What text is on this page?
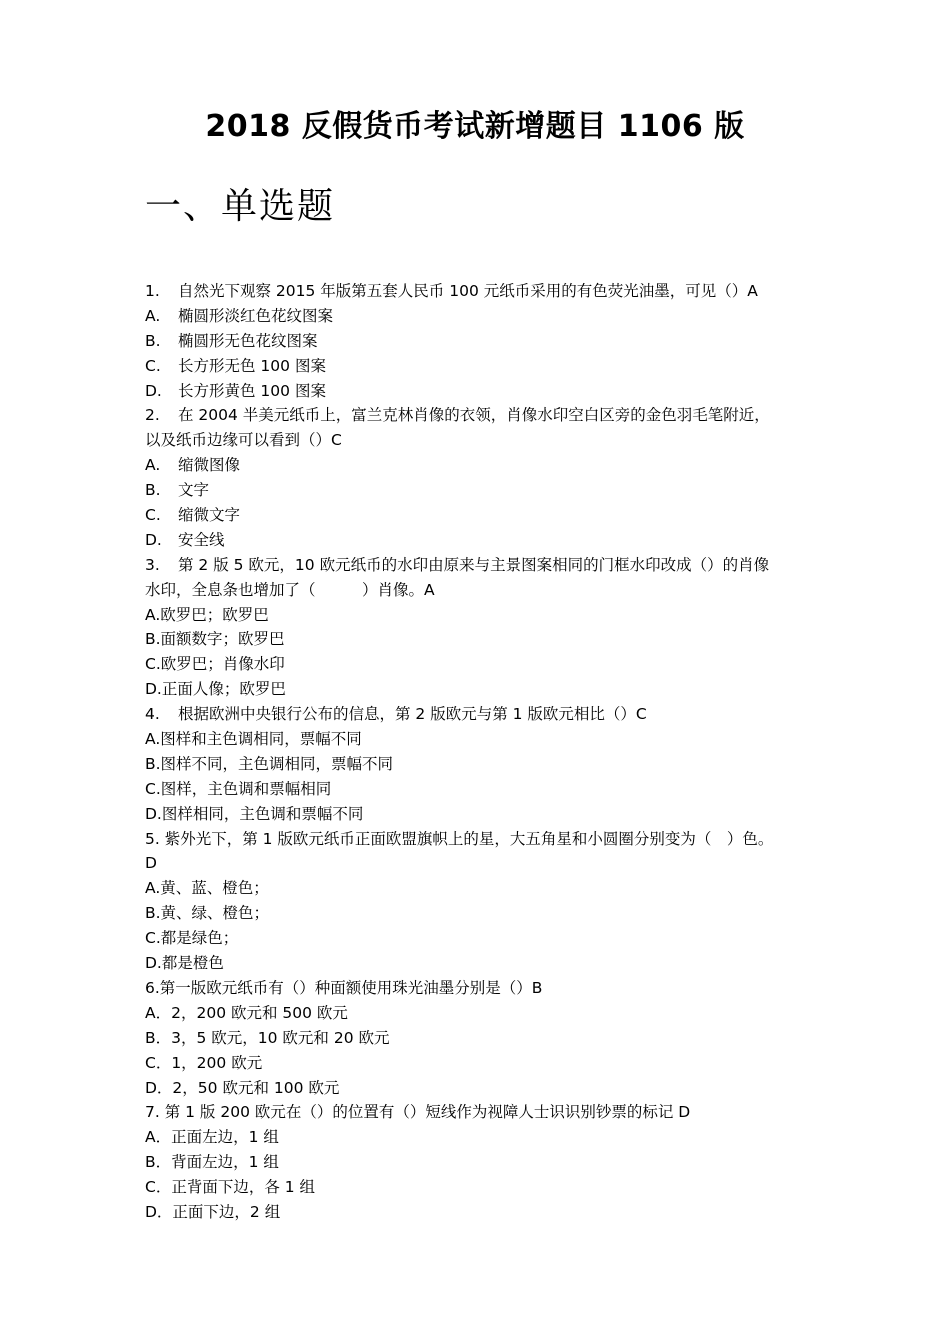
2018 反假货币考试新增题目 1106 版
一、单选题
1. 自然光下观察 2015 年版第五套人民币 100 元纸币采用的有色荧光油墨，可见（）A
A. 椭圆形淡红色花纹图案
B. 椭圆形无色花纹图案
C. 长方形无色 100 图案
D. 长方形黄色 100 图案
2. 在 2004 半美元纸币上，富兰克林肖像的衣领，肖像水印空白区旁的金色羽毛笔附近，
以及纸币边缘可以看到（）C
A. 缩微图像
B. 文字
C. 缩微文字
D. 安全线
3. 第 2 版 5 欧元，10 欧元纸币的水印由原来与主景图案相同的门框水印改成（）的肖像
水印，全息条也增加了（　　　）肖像。A
A.欧罗巴；欧罗巴
B.面额数字；欧罗巴
C.欧罗巴；肖像水印
D.正面人像；欧罗巴
4. 根据欧洲中央银行公布的信息，第 2 版欧元与第 1 版欧元相比（）C
A.图样和主色调相同，票幅不同
B.图样不同，主色调相同，票幅不同
C.图样，主色调和票幅相同
D.图样相同，主色调和票幅不同
5. 紫外光下，第 1 版欧元纸币正面欧盟旗帜上的星，大五角星和小圆圈分别变为（　）色。
D
A.黄、蓝、橙色；
B.黄、绿、橙色；
C.都是绿色；
D.都是橙色
6.第一版欧元纸币有（）种面额使用珠光油墨分别是（）B
A．2，200 欧元和 500 欧元
B．3，5 欧元，10 欧元和 20 欧元
C．1，200 欧元
D．2，50 欧元和 100 欧元
7. 第 1 版 200 欧元在（）的位置有（）短线作为视障人士识识别钞票的标记 D
A．正面左边，1 组
B．背面左边，1 组
C．正背面下边，各 1 组
D．正面下边，2 组
